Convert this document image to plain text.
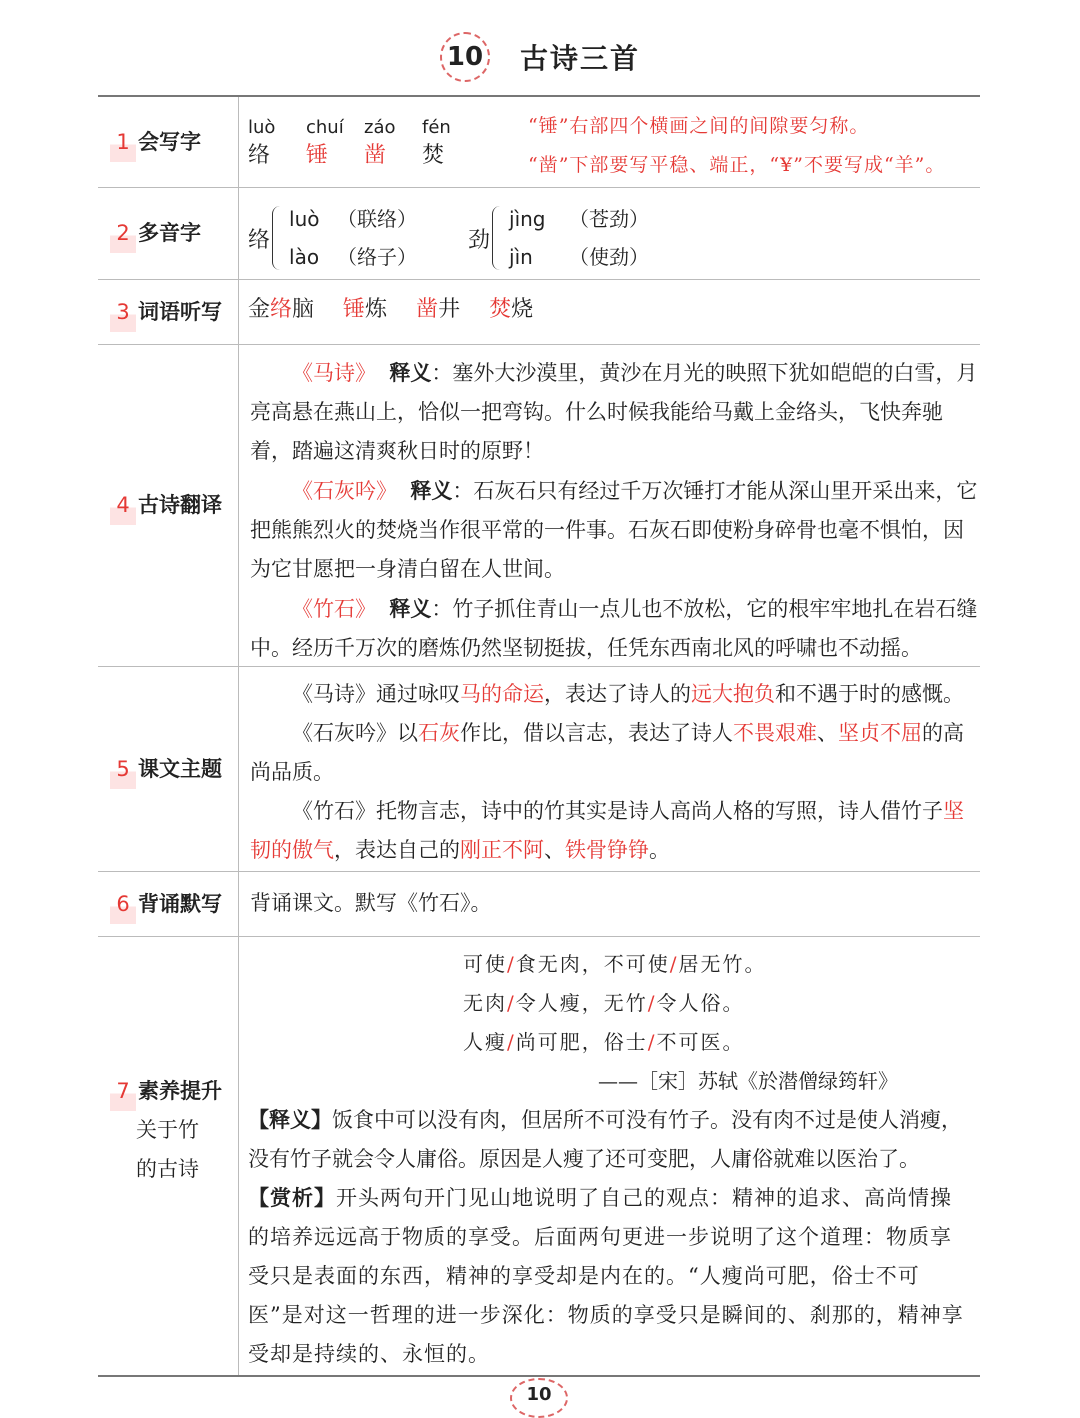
10 古诗三首
1 会写字
luò chuí záo fén
络 锤 凿 焚
“锤”右部四个横画之间的间隙要匀称。
“凿”下部要写平稳、端正，“¥”不要写成“羊”。
2 多音字 络
luò （联络）
lào （络子）
劲
jìng （苍劲）
jìn （使劲）
3 词语听写 金络脑 锤炼 凿井 焚烧
4 古诗翻译
《马诗》 释义：塞外大沙漠里，黄沙在月光的映照下犹如皑皑的白雪，月亮高悬在燕山上，恰似一把弯钩。什么时候我能给马戴上金络头，飞快奔驰着，踏遍这清爽秋日时的原野！
《石灰吟》 释义：石灰石只有经过千万次锤打才能从深山里开采出来，它把熊熊烈火的焚烧当作很平常的一件事。石灰石即使粉身碎骨也毫不惧怕，因为它甘愿把一身清白留在人世间。
《竹石》 释义：竹子抓住青山一点儿也不放松，它的根牢牢地扎在岩石缝中。经历千万次的磨炼仍然坚韧挺拔，任凭东西南北风的呼啸也不动摇。
5 课文主题
《马诗》通过咏叹马的命运，表达了诗人的远大抱负和不遇于时的感慨。
《石灰吟》以石灰作比，借以言志，表达了诗人不畏艰难、坚贞不屈的高尚品质。
《竹石》托物言志，诗中的竹其实是诗人高尚人格的写照，诗人借竹子坚韧的傲气，表达自己的刚正不阿、铁骨铮铮。
6 背诵默写	背诵课文。默写《竹石》。
7 素养提升
关于竹
的古诗
可使/食无肉，不可使/居无竹。
无肉/令人瘦，无竹/令人俗。
人瘦/尚可肥，俗士/不可医。
——［宋］苏轼《於潜僧绿筠轩》
【释义】饭食中可以没有肉，但居所不可没有竹子。没有肉不过是使人消瘦，没有竹子就会令人庸俗。原因是人瘦了还可变肥，人庸俗就难以医治了。
【赏析】开头两句开门见山地说明了自己的观点：精神的追求、高尚情操的培养远远高于物质的享受。后面两句更进一步说明了这个道理：物质享受只是表面的东西，精神的享受却是内在的。“人瘦尚可肥，俗士不可医”是对这一哲理的进一步深化：物质的享受只是瞬间的、刹那的，精神享受却是持续的、永恒的。
10
